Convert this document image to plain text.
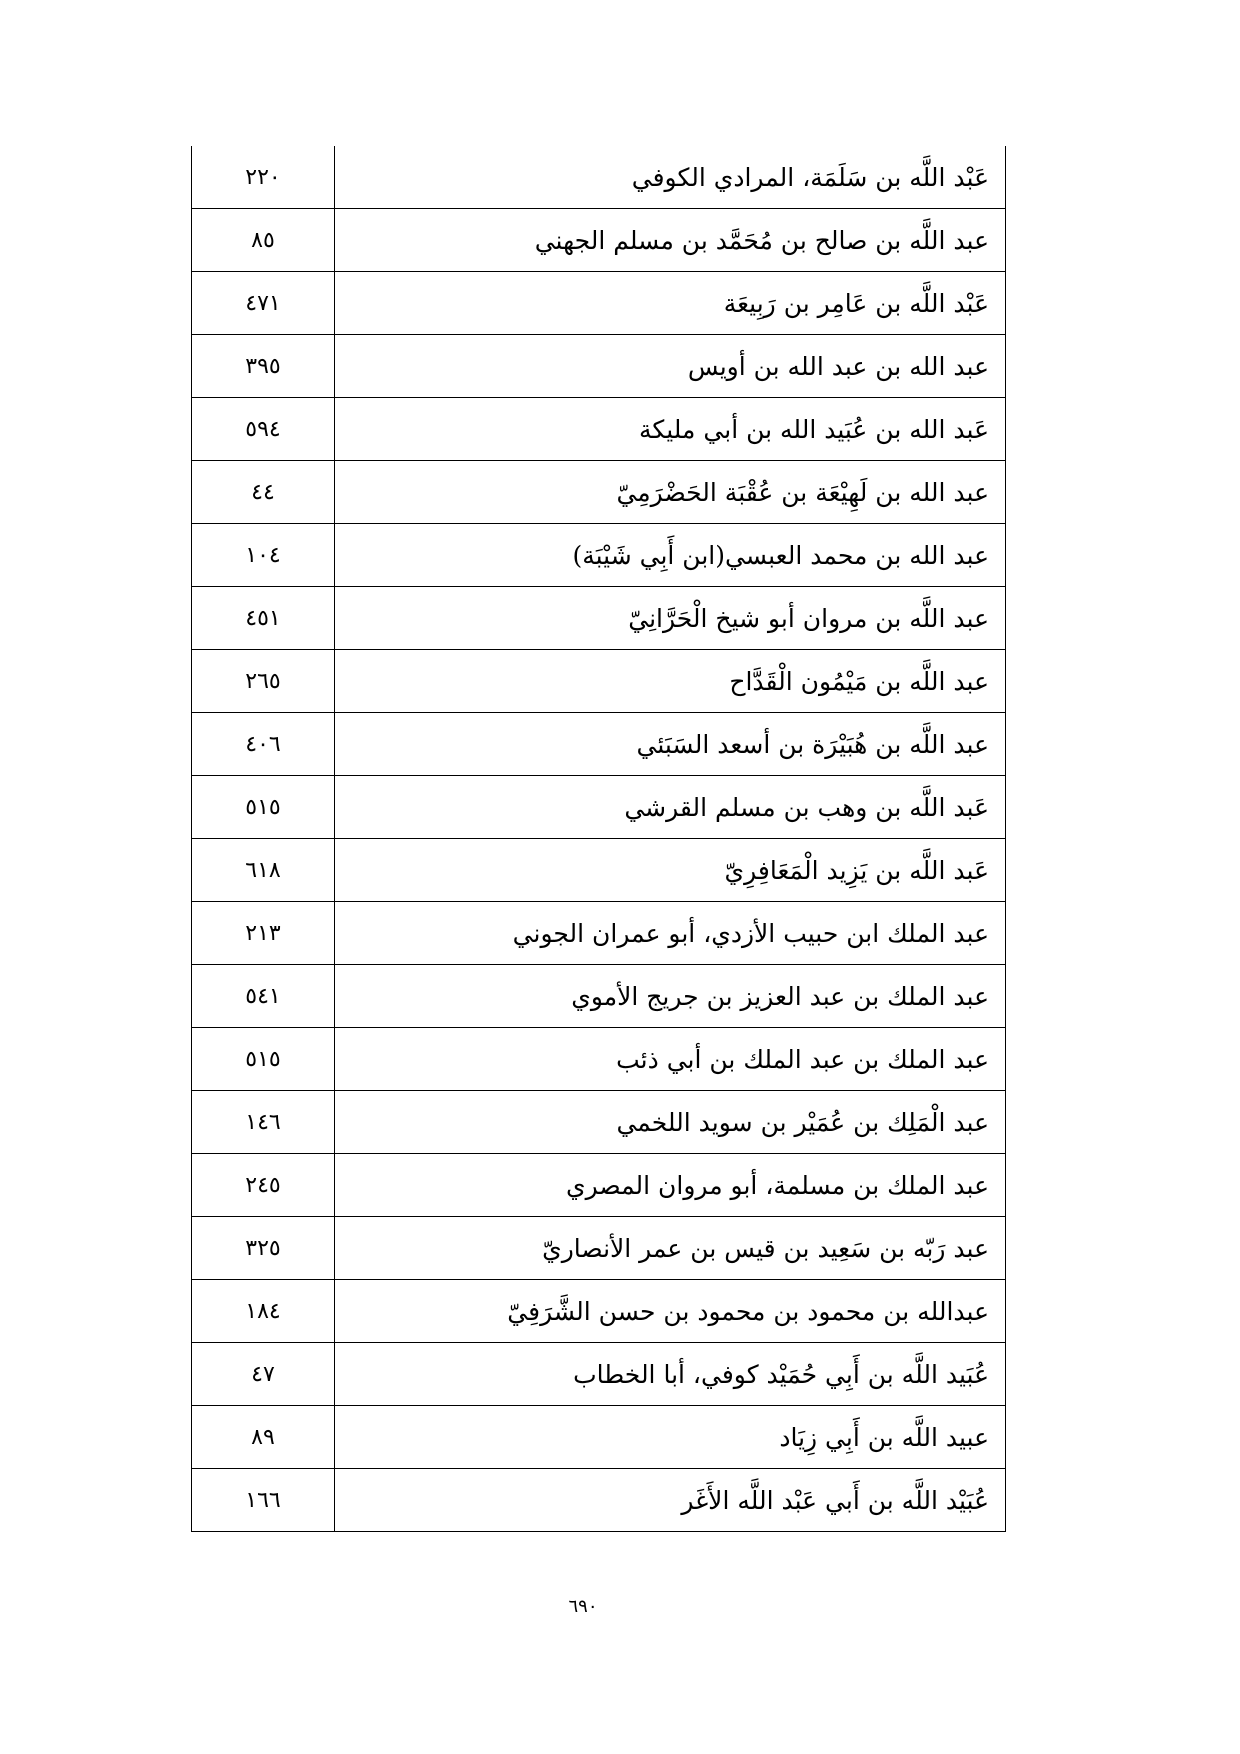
عَبْد اللَّه بن سَلَمَة، المرادي الكوفي	٢٢٠
عبد اللَّه بن صالح بن مُحَمَّد بن مسلم الجهني	٨٥
عَبْد اللَّه بن عَامِر بن رَبِيعَة	٤٧١
عبد الله بن عبد الله بن أويس	٣٩٥
عَبد الله بن عُبَيد الله بن أبي مليكة	٥٩٤
عبد الله بن لَهِيْعَة بن عُقْبَة الحَضْرَمِيّ	٤٤
عبد الله بن محمد العبسي(ابن أَبِي شَيْبَة)	١٠٤
عبد اللَّه بن مروان أبو شيخ الْحَرَّانِيّ	٤٥١
عبد اللَّه بن مَيْمُون الْقَدَّاح	٢٦٥
عبد اللَّه بن هُبَيْرَة بن أسعد السَبَئي	٤٠٦
عَبد اللَّه بن وهب بن مسلم القرشي	٥١٥
عَبد اللَّه بن يَزِيد الْمَعَافِرِيّ	٦١٨
عبد الملك ابن حبيب الأزدي، أبو عمران الجوني	٢١٣
عبد الملك بن عبد العزيز بن جريج الأموي	٥٤١
عبد الملك بن عبد الملك بن أبي ذئب	٥١٥
عبد الْمَلِك بن عُمَيْر بن سويد اللخمي	١٤٦
عبد الملك بن مسلمة، أبو مروان المصري	٢٤٥
عبد رَبّه بن سَعِيد بن قيس بن عمر الأنصاريّ	٣٢٥
عبدالله بن محمود بن محمود بن حسن الشَّرَفِيّ	١٨٤
عُبَيد اللَّه بن أَبِي حُمَيْد كوفي، أبا الخطاب	٤٧
عبيد اللَّه بن أَبِي زِيَاد	٨٩
عُبَيْد اللَّه بن أَبي عَبْد اللَّه الأَغَر	١٦٦
٦٩٠
